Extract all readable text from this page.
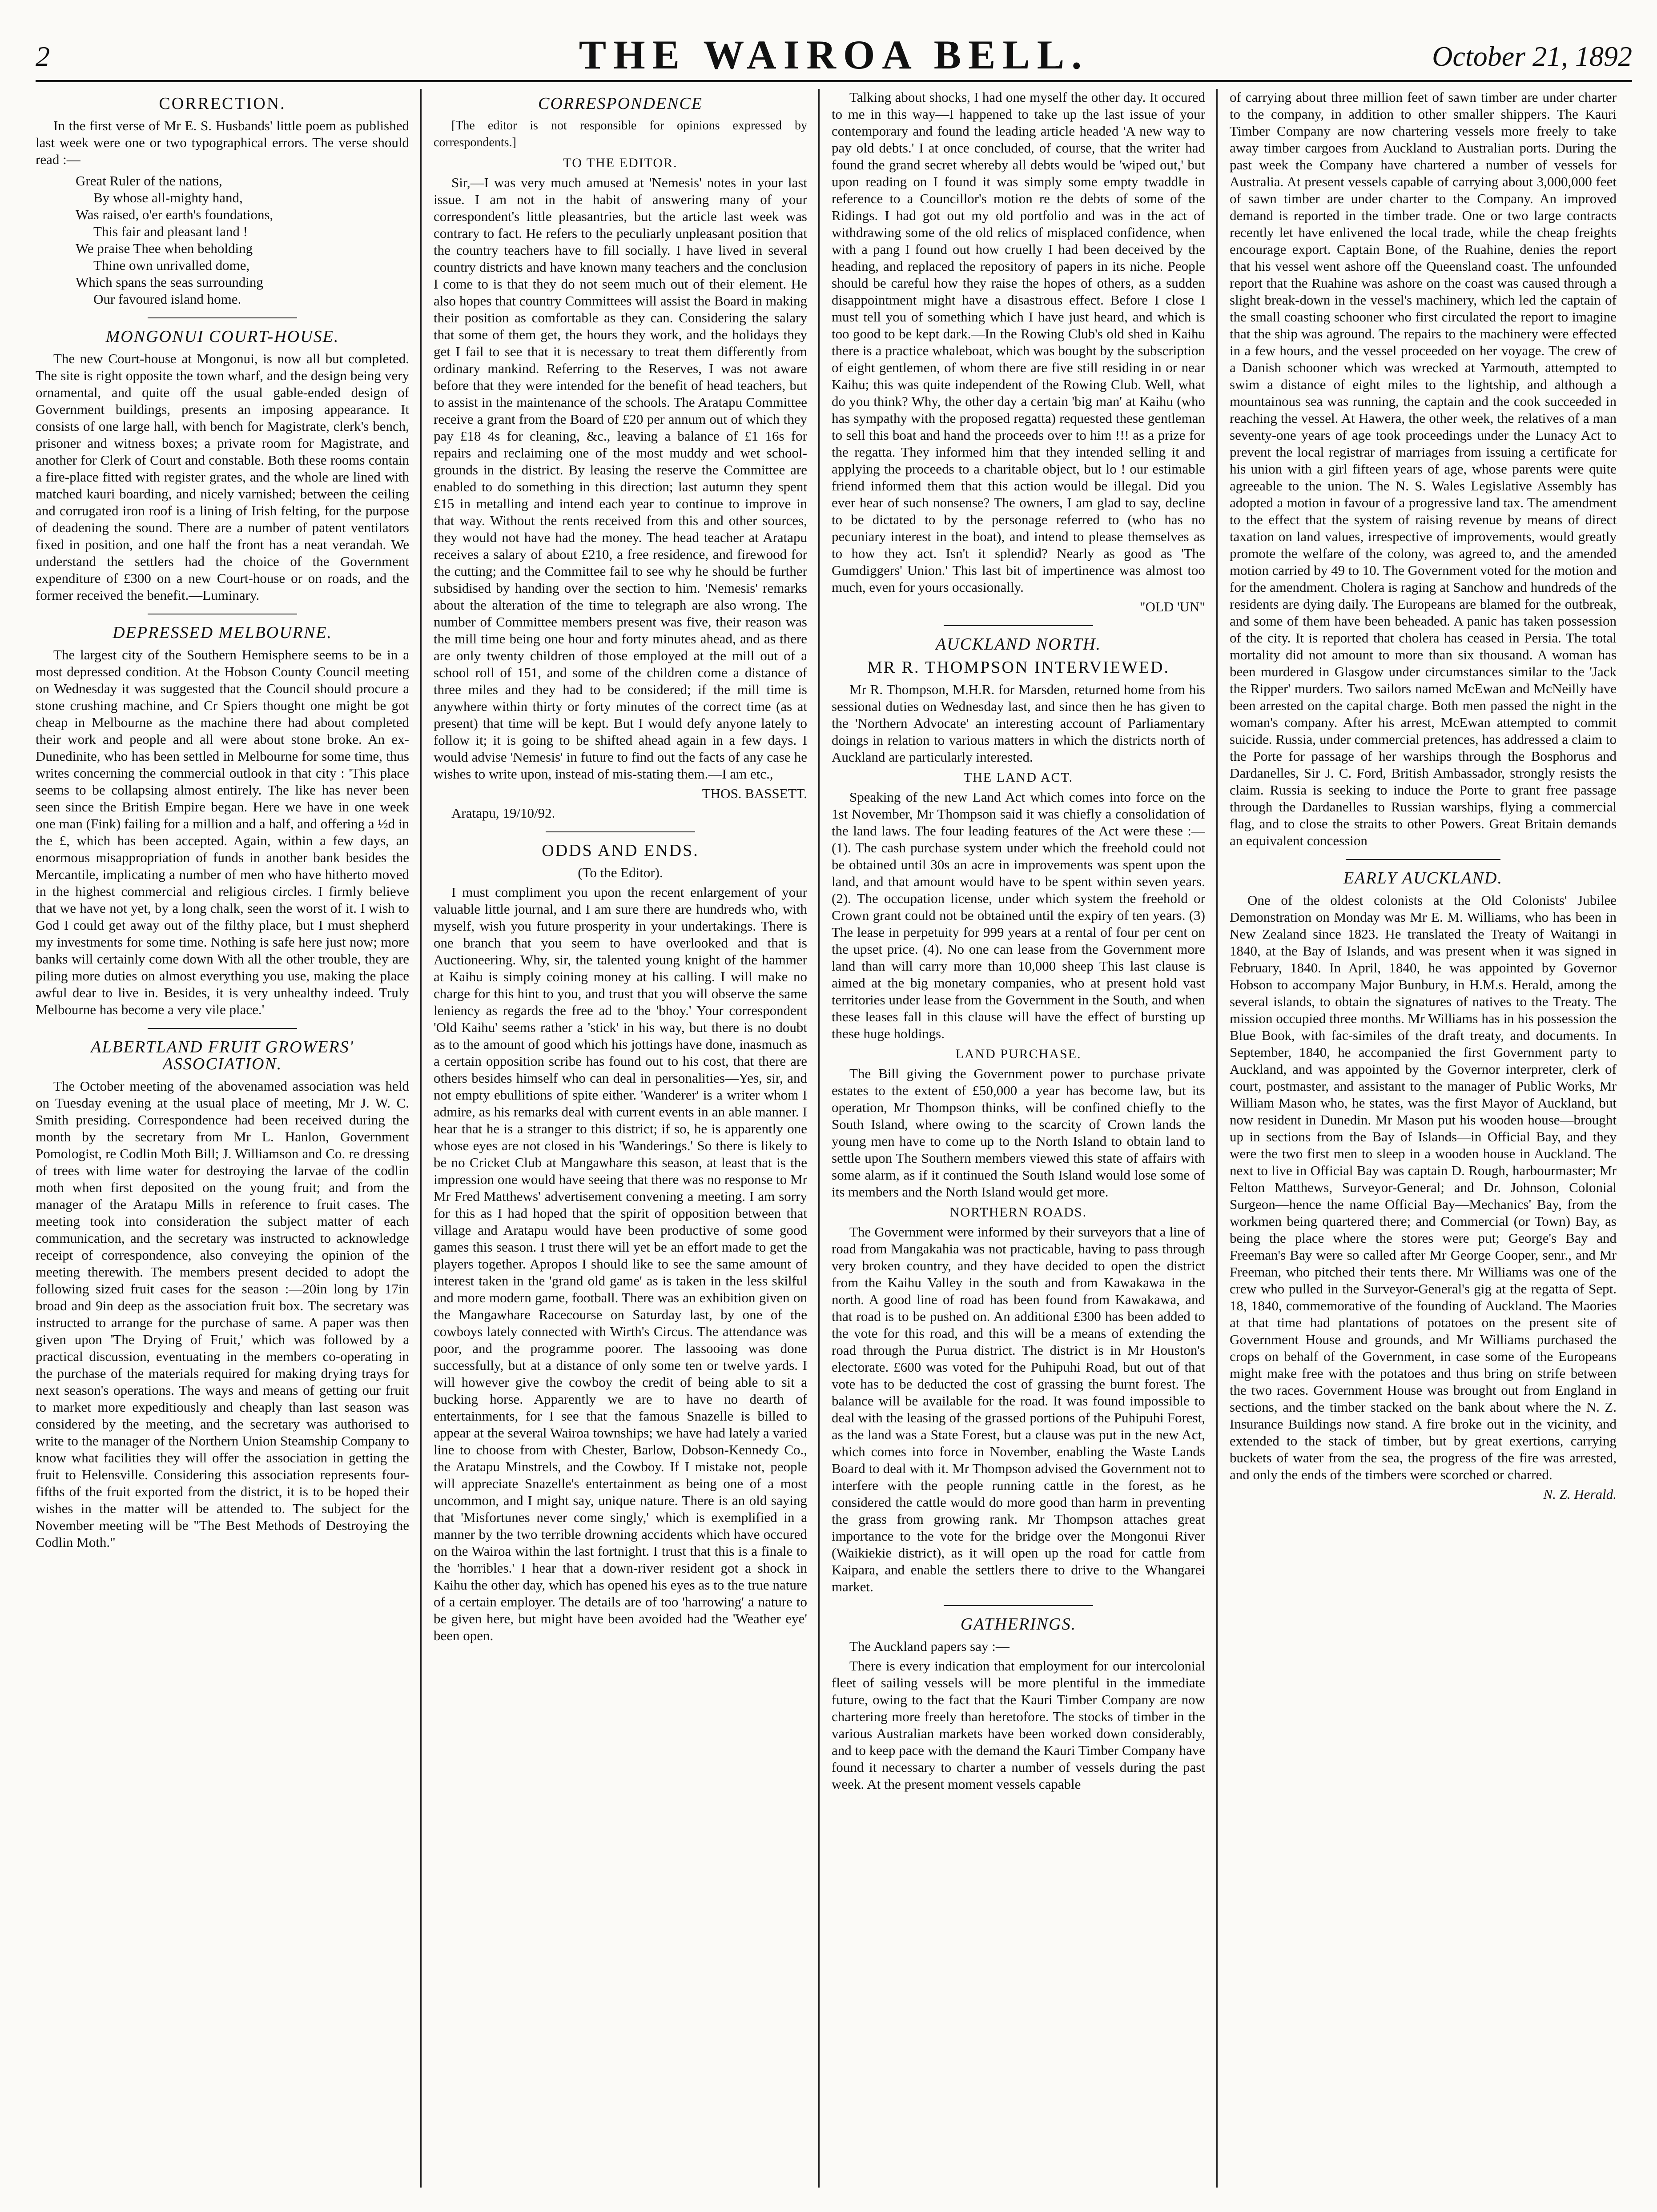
2	THE WAIROA BELL.	October 21, 1892
CORRECTION.

In the first verse of Mr E. S. Husbands' little poem as published last week were one or two typographical errors. The verse should read :—

Great Ruler of the nations,
By whose all-mighty hand,
Was raised, o'er earth's foundations,
This fair and pleasant land !
We praise Thee when beholding
Thine own unrivalled dome,
Which spans the seas surrounding
Our favoured island home.
MONGONUI COURT-HOUSE.

The new Court-house at Mongonui, is now all but completed. The site is right opposite the town wharf, and the design being very ornamental, and quite off the usual gable-ended design of Government buildings, presents an imposing appearance. It consists of one large hall, with bench for Magistrate, clerk's bench, prisoner and witness boxes; a private room for Magistrate, and another for Clerk of Court and constable. Both these rooms contain a fire-place fitted with register grates, and the whole are lined with matched kauri boarding, and nicely varnished; between the ceiling and corrugated iron roof is a lining of Irish felting, for the purpose of deadening the sound. There are a number of patent ventilators fixed in position, and one half the front has a neat verandah. We understand the settlers had the choice of the Government expenditure of £300 on a new Court-house or on roads, and the former received the benefit.—Luminary.

DEPRESSED MELBOURNE.

The largest city of the Southern Hemisphere seems to be in a most depressed condition. At the Hobson County Council meeting on Wednesday it was suggested that the Council should procure a stone crushing machine, and Cr Spiers thought one might be got cheap in Melbourne as the machine there had about completed their work and people and all were about stone broke. An ex-Dunedinite, who has been settled in Melbourne for some time, thus writes concerning the commercial outlook in that city : 'This place seems to be collapsing almost entirely. The like has never been seen since the British Empire began. Here we have in one week one man (Fink) failing for a million and a half, and offering a ½d in the £, which has been accepted. Again, within a few days, an enormous misappropriation of funds in another bank besides the Mercantile, implicating a number of men who have hitherto moved in the highest commercial and religious circles. I firmly believe that we have not yet, by a long chalk, seen the worst of it. I wish to God I could get away out of the filthy place, but I must shepherd my investments for some time. Nothing is safe here just now; more banks will certainly come down With all the other trouble, they are piling more duties on almost everything you use, making the place awful dear to live in. Besides, it is very unhealthy indeed. Truly Melbourne has become a very vile place.'

ALBERTLAND FRUIT GROWERS' ASSOCIATION.

The October meeting of the abovenamed association was held on Tuesday evening at the usual place of meeting, Mr J. W. C. Smith presiding. Correspondence had been received during the month by the secretary from Mr L. Hanlon, Government Pomologist, re Codlin Moth Bill; J. Williamson and Co. re dressing of trees with lime water for destroying the larvae of the codlin moth when first deposited on the young fruit; and from the manager of the Aratapu Mills in reference to fruit cases. The meeting took into consideration the subject matter of each communication, and the secretary was instructed to acknowledge receipt of correspondence, also conveying the opinion of the meeting therewith. The members present decided to adopt the following sized fruit cases for the season :—20in long by 17in broad and 9in deep as the association fruit box. The secretary was instructed to arrange for the purchase of same. A paper was then given upon 'The Drying of Fruit,' which was followed by a practical discussion, eventuating in the members co-operating in the purchase of the materials required for making drying trays for next season's operations. The ways and means of getting our fruit to market more expeditiously and cheaply than last season was considered by the meeting, and the secretary was authorised to write to the manager of the Northern Union Steamship Company to know what facilities they will offer the association in getting the fruit to Helensville. Considering this association represents four-fifths of the fruit exported from the district, it is to be hoped their wishes in the matter will be attended to. The subject for the November meeting will be "The Best Methods of Destroying the Codlin Moth."

CORRESPONDENCE

[The editor is not responsible for opinions expressed by correspondents.]

TO THE EDITOR.

Sir,—I was very much amused at 'Nemesis' notes in your last issue. I am not in the habit of answering many of your correspondent's little pleasantries, but the article last week was contrary to fact. He refers to the peculiarly unpleasant position that the country teachers have to fill socially. I have lived in several country districts and have known many teachers and the conclusion I come to is that they do not seem much out of their element. He also hopes that country Committees will assist the Board in making their position as comfortable as they can. Considering the salary that some of them get, the hours they work, and the holidays they get I fail to see that it is necessary to treat them differently from ordinary mankind. Referring to the Reserves, I was not aware before that they were intended for the benefit of head teachers, but to assist in the maintenance of the schools. The Aratapu Committee receive a grant from the Board of £20 per annum out of which they pay £18 4s for cleaning, &c., leaving a balance of £1 16s for repairs and reclaiming one of the most muddy and wet school-grounds in the district. By leasing the reserve the Committee are enabled to do something in this direction; last autumn they spent £15 in metalling and intend each year to continue to improve in that way. Without the rents received from this and other sources, they would not have had the money. The head teacher at Aratapu receives a salary of about £210, a free residence, and firewood for the cutting; and the Committee fail to see why he should be further subsidised by handing over the section to him. 'Nemesis' remarks about the alteration of the time to telegraph are also wrong. The number of Committee members present was five, their reason was the mill time being one hour and forty minutes ahead, and as there are only twenty children of those employed at the mill out of a school roll of 151, and some of the children come a distance of three miles and they had to be considered; if the mill time is anywhere within thirty or forty minutes of the correct time (as at present) that time will be kept. But I would defy anyone lately to follow it; it is going to be shifted ahead again in a few days. I would advise 'Nemesis' in future to find out the facts of any case he wishes to write upon, instead of mis-stating them.—I am etc.,

THOS. BASSETT.

Aratapu, 19/10/92.

ODDS AND ENDS.

(To the Editor).

I must compliment you upon the recent enlargement of your valuable little journal, and I am sure there are hundreds who, with myself, wish you future prosperity in your undertakings. There is one branch that you seem to have overlooked and that is Auctioneering. Why, sir, the talented young knight of the hammer at Kaihu is simply coining money at his calling. I will make no charge for this hint to you, and trust that you will observe the same leniency as regards the free ad to the 'bhoy.' Your correspondent 'Old Kaihu' seems rather a 'stick' in his way, but there is no doubt as to the amount of good which his jottings have done, inasmuch as a certain opposition scribe has found out to his cost, that there are others besides himself who can deal in personalities—Yes, sir, and not empty ebullitions of spite either. 'Wanderer' is a writer whom I admire, as his remarks deal with current events in an able manner. I hear that he is a stranger to this district; if so, he is apparently one whose eyes are not closed in his 'Wanderings.' So there is likely to be no Cricket Club at Mangawhare this season, at least that is the impression one would have seeing that there was no response to Mr Mr Fred Matthews' advertisement convening a meeting. I am sorry for this as I had hoped that the spirit of opposition between that village and Aratapu would have been productive of some good games this season. I trust there will yet be an effort made to get the players together. Apropos I should like to see the same amount of interest taken in the 'grand old game' as is taken in the less skilful and more modern game, football. There was an exhibition given on the Mangawhare Racecourse on Saturday last, by one of the cowboys lately connected with Wirth's Circus. The attendance was poor, and the programme poorer. The lassooing was done successfully, but at a distance of only some ten or twelve yards. I will however give the cowboy the credit of being able to sit a bucking horse. Apparently we are to have no dearth of entertainments, for I see that the famous Snazelle is billed to appear at the several Wairoa townships; we have had lately a varied line to choose from with Chester, Barlow, Dobson-Kennedy Co., the Aratapu Minstrels, and the Cowboy. If I mistake not, people will appreciate Snazelle's entertainment as being one of a most uncommon, and I might say, unique nature. There is an old saying that 'Misfortunes never come singly,' which is exemplified in a manner by the two terrible drowning accidents which have occured on the Wairoa within the last fortnight. I trust that this is a finale to the 'horribles.' I hear that a down-river resident got a shock in Kaihu the other day, which has opened his eyes as to the true nature of a certain employer. The details are of too 'harrowing' a nature to be given here, but might have been avoided had the 'Weather eye' been open.

Talking about shocks, I had one myself the other day. It occured to me in this way—I happened to take up the last issue of your contemporary and found the leading article headed 'A new way to pay old debts.' I at once concluded, of course, that the writer had found the grand secret whereby all debts would be 'wiped out,' but upon reading on I found it was simply some empty twaddle in reference to a Councillor's motion re the debts of some of the Ridings. I had got out my old portfolio and was in the act of withdrawing some of the old relics of misplaced confidence, when with a pang I found out how cruelly I had been deceived by the heading, and replaced the repository of papers in its niche. People should be careful how they raise the hopes of others, as a sudden disappointment might have a disastrous effect. Before I close I must tell you of something which I have just heard, and which is too good to be kept dark.—In the Rowing Club's old shed in Kaihu there is a practice whaleboat, which was bought by the subscription of eight gentlemen, of whom there are five still residing in or near Kaihu; this was quite independent of the Rowing Club. Well, what do you think? Why, the other day a certain 'big man' at Kaihu (who has sympathy with the proposed regatta) requested these gentleman to sell this boat and hand the proceeds over to him !!! as a prize for the regatta. They informed him that they intended selling it and applying the proceeds to a charitable object, but lo ! our estimable friend informed them that this action would be illegal. Did you ever hear of such nonsense? The owners, I am glad to say, decline to be dictated to by the personage referred to (who has no pecuniary interest in the boat), and intend to please themselves as to how they act. Isn't it splendid? Nearly as good as 'The Gumdiggers' Union.' This last bit of impertinence was almost too much, even for yours occasionally.

"OLD 'UN"

AUCKLAND NORTH.
MR R. THOMPSON INTERVIEWED.

Mr R. Thompson, M.H.R. for Marsden, returned home from his sessional duties on Wednesday last, and since then he has given to the 'Northern Advocate' an interesting account of Parliamentary doings in relation to various matters in which the districts north of Auckland are particularly interested.

THE LAND ACT.

Speaking of the new Land Act which comes into force on the 1st November, Mr Thompson said it was chiefly a consolidation of the land laws. The four leading features of the Act were these :— (1). The cash purchase system under which the freehold could not be obtained until 30s an acre in improvements was spent upon the land, and that amount would have to be spent within seven years. (2). The occupation license, under which system the freehold or Crown grant could not be obtained until the expiry of ten years. (3) The lease in perpetuity for 999 years at a rental of four per cent on the upset price. (4). No one can lease from the Government more land than will carry more than 10,000 sheep This last clause is aimed at the big monetary companies, who at present hold vast territories under lease from the Government in the South, and when these leases fall in this clause will have the effect of bursting up these huge holdings.

LAND PURCHASE.

The Bill giving the Government power to purchase private estates to the extent of £50,000 a year has become law, but its operation, Mr Thompson thinks, will be confined chiefly to the South Island, where owing to the scarcity of Crown lands the young men have to come up to the North Island to obtain land to settle upon The Southern members viewed this state of affairs with some alarm, as if it continued the South Island would lose some of its members and the North Island would get more.

NORTHERN ROADS.

The Government were informed by their surveyors that a line of road from Mangakahia was not practicable, having to pass through very broken country, and they have decided to open the district from the Kaihu Valley in the south and from Kawakawa in the north. A good line of road has been found from Kawakawa, and that road is to be pushed on. An additional £300 has been added to the vote for this road, and this will be a means of extending the road through the Purua district. The district is in Mr Houston's electorate. £600 was voted for the Puhipuhi Road, but out of that vote has to be deducted the cost of grassing the burnt forest. The balance will be available for the road. It was found impossible to deal with the leasing of the grassed portions of the Puhipuhi Forest, as the land was a State Forest, but a clause was put in the new Act, which comes into force in November, enabling the Waste Lands Board to deal with it. Mr Thompson advised the Government not to interfere with the people running cattle in the forest, as he considered the cattle would do more good than harm in preventing the grass from growing rank. Mr Thompson attaches great importance to the vote for the bridge over the Mongonui River (Waikiekie district), as it will open up the road for cattle from Kaipara, and enable the settlers there to drive to the Whangarei market.

GATHERINGS.

The Auckland papers say :—

There is every indication that employment for our intercolonial fleet of sailing vessels will be more plentiful in the immediate future, owing to the fact that the Kauri Timber Company are now chartering more freely than heretofore. The stocks of timber in the various Australian markets have been worked down considerably, and to keep pace with the demand the Kauri Timber Company have found it necessary to charter a number of vessels during the past week. At the present moment vessels capable

of carrying about three million feet of sawn timber are under charter to the company, in addition to other smaller shippers. The Kauri Timber Company are now chartering vessels more freely to take away timber cargoes from Auckland to Australian ports. During the past week the Company have chartered a number of vessels for Australia. At present vessels capable of carrying about 3,000,000 feet of sawn timber are under charter to the Company. An improved demand is reported in the timber trade. One or two large contracts recently let have enlivened the local trade, while the cheap freights encourage export. Captain Bone, of the Ruahine, denies the report that his vessel went ashore off the Queensland coast. The unfounded report that the Ruahine was ashore on the coast was caused through a slight break-down in the vessel's machinery, which led the captain of the small coasting schooner who first circulated the report to imagine that the ship was aground. The repairs to the machinery were effected in a few hours, and the vessel proceeded on her voyage. The crew of a Danish schooner which was wrecked at Yarmouth, attempted to swim a distance of eight miles to the lightship, and although a mountainous sea was running, the captain and the cook succeeded in reaching the vessel. At Hawera, the other week, the relatives of a man seventy-one years of age took proceedings under the Lunacy Act to prevent the local registrar of marriages from issuing a certificate for his union with a girl fifteen years of age, whose parents were quite agreeable to the union. The N. S. Wales Legislative Assembly has adopted a motion in favour of a progressive land tax. The amendment to the effect that the system of raising revenue by means of direct taxation on land values, irrespective of improvements, would greatly promote the welfare of the colony, was agreed to, and the amended motion carried by 49 to 10. The Government voted for the motion and for the amendment. Cholera is raging at Sanchow and hundreds of the residents are dying daily. The Europeans are blamed for the outbreak, and some of them have been beheaded. A panic has taken possession of the city. It is reported that cholera has ceased in Persia. The total mortality did not amount to more than six thousand. A woman has been murdered in Glasgow under circumstances similar to the 'Jack the Ripper' murders. Two sailors named McEwan and McNeilly have been arrested on the capital charge. Both men passed the night in the woman's company. After his arrest, McEwan attempted to commit suicide. Russia, under commercial pretences, has addressed a claim to the Porte for passage of her warships through the Bosphorus and Dardanelles, Sir J. C. Ford, British Ambassador, strongly resists the claim. Russia is seeking to induce the Porte to grant free passage through the Dardanelles to Russian warships, flying a commercial flag, and to close the straits to other Powers. Great Britain demands an equivalent concession

EARLY AUCKLAND.

One of the oldest colonists at the Old Colonists' Jubilee Demonstration on Monday was Mr E. M. Williams, who has been in New Zealand since 1823. He translated the Treaty of Waitangi in 1840, at the Bay of Islands, and was present when it was signed in February, 1840. In April, 1840, he was appointed by Governor Hobson to accompany Major Bunbury, in H.M.s. Herald, among the several islands, to obtain the signatures of natives to the Treaty. The mission occupied three months. Mr Williams has in his possession the Blue Book, with fac-similes of the draft treaty, and documents. In September, 1840, he accompanied the first Government party to Auckland, and was appointed by the Governor interpreter, clerk of court, postmaster, and assistant to the manager of Public Works, Mr William Mason who, he states, was the first Mayor of Auckland, but now resident in Dunedin. Mr Mason put his wooden house—brought up in sections from the Bay of Islands—in Official Bay, and they were the two first men to sleep in a wooden house in Auckland. The next to live in Official Bay was captain D. Rough, harbourmaster; Mr Felton Matthews, Surveyor-General; and Dr. Johnson, Colonial Surgeon—hence the name Official Bay—Mechanics' Bay, from the workmen being quartered there; and Commercial (or Town) Bay, as being the place where the stores were put; George's Bay and Freeman's Bay were so called after Mr George Cooper, senr., and Mr Freeman, who pitched their tents there. Mr Williams was one of the crew who pulled in the Surveyor-General's gig at the regatta of Sept. 18, 1840, commemorative of the founding of Auckland. The Maories at that time had plantations of potatoes on the present site of Government House and grounds, and Mr Williams purchased the crops on behalf of the Government, in case some of the Europeans might make free with the potatoes and thus bring on strife between the two races. Government House was brought out from England in sections, and the timber stacked on the bank about where the N. Z. Insurance Buildings now stand. A fire broke out in the vicinity, and extended to the stack of timber, but by great exertions, carrying buckets of water from the sea, the progress of the fire was arrested, and only the ends of the timbers were scorched or charred.

N. Z. Herald.
